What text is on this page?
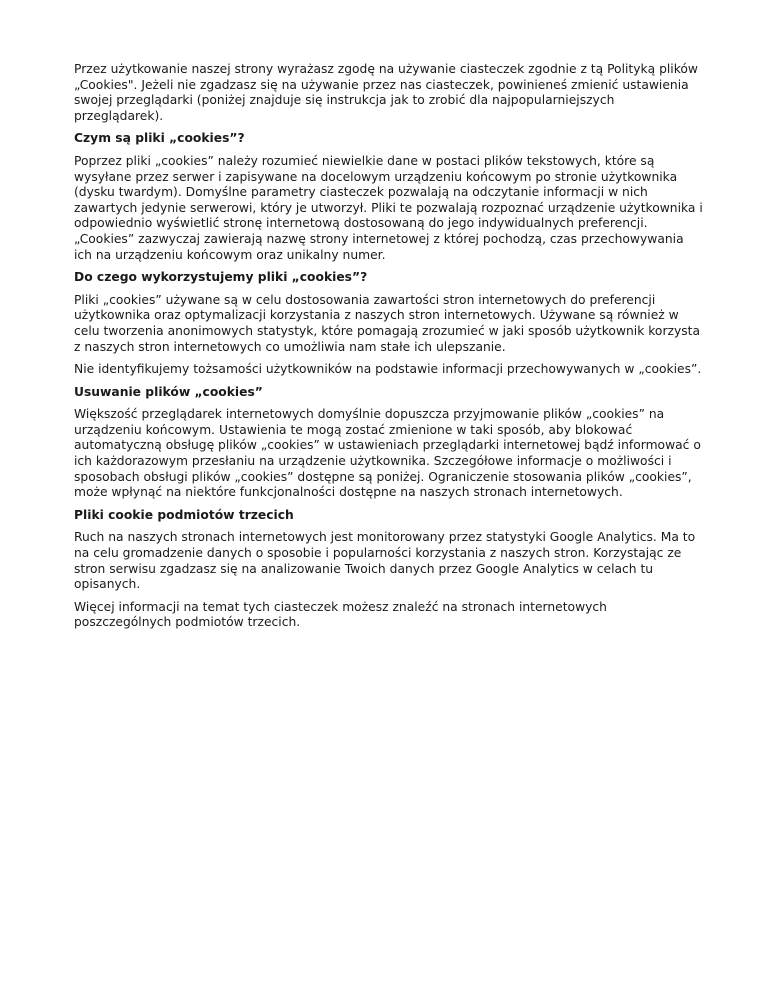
Przez użytkowanie naszej strony wyrażasz zgodę na używanie ciasteczek zgodnie z tą Polityką plików „Cookies". Jeżeli nie zgadzasz się na używanie przez nas ciasteczek, powinieneś zmienić ustawienia swojej przeglądarki (poniżej znajduje się instrukcja jak to zrobić dla najpopularniejszych przeglądarek).

Czym są pliki „cookies”?

Poprzez pliki „cookies” należy rozumieć niewielkie dane w postaci plików tekstowych, które są wysyłane przez serwer i zapisywane na docelowym urządzeniu końcowym po stronie użytkownika (dysku twardym). Domyślne parametry ciasteczek pozwalają na odczytanie informacji w nich zawartych jedynie serwerowi, który je utworzył. Pliki te pozwalają rozpoznać urządzenie użytkownika i odpowiednio wyświetlić stronę internetową dostosowaną do jego indywidualnych preferencji. „Cookies” zazwyczaj zawierają nazwę strony internetowej z której pochodzą, czas przechowywania ich na urządzeniu końcowym oraz unikalny numer.

Do czego wykorzystujemy pliki „cookies”?

Pliki „cookies” używane są w celu dostosowania zawartości stron internetowych do preferencji użytkownika oraz optymalizacji korzystania z naszych stron internetowych. Używane są również w celu tworzenia anonimowych statystyk, które pomagają zrozumieć w jaki sposób użytkownik korzysta z naszych stron internetowych co umożliwia nam stałe ich ulepszanie.

Nie identyfikujemy tożsamości użytkowników na podstawie informacji przechowywanych w „cookies”.

Usuwanie plików „cookies”

Większość przeglądarek internetowych domyślnie dopuszcza przyjmowanie plików „cookies” na urządzeniu końcowym. Ustawienia te mogą zostać zmienione w taki sposób, aby blokować automatyczną obsługę plików „cookies” w ustawieniach przeglądarki internetowej bądź informować o ich każdorazowym przesłaniu na urządzenie użytkownika. Szczegółowe informacje o możliwości i sposobach obsługi plików „cookies” dostępne są poniżej. Ograniczenie stosowania plików „cookies”, może wpłynąć na niektóre funkcjonalności dostępne na naszych stronach internetowych.

Pliki cookie podmiotów trzecich

Ruch na naszych stronach internetowych jest monitorowany przez statystyki Google Analytics. Ma to na celu gromadzenie danych o sposobie i popularności korzystania z naszych stron. Korzystając ze stron serwisu zgadzasz się na analizowanie Twoich danych przez Google Analytics w celach tu opisanych.

Więcej informacji na temat tych ciasteczek możesz znaleźć na stronach internetowych poszczególnych podmiotów trzecich.
